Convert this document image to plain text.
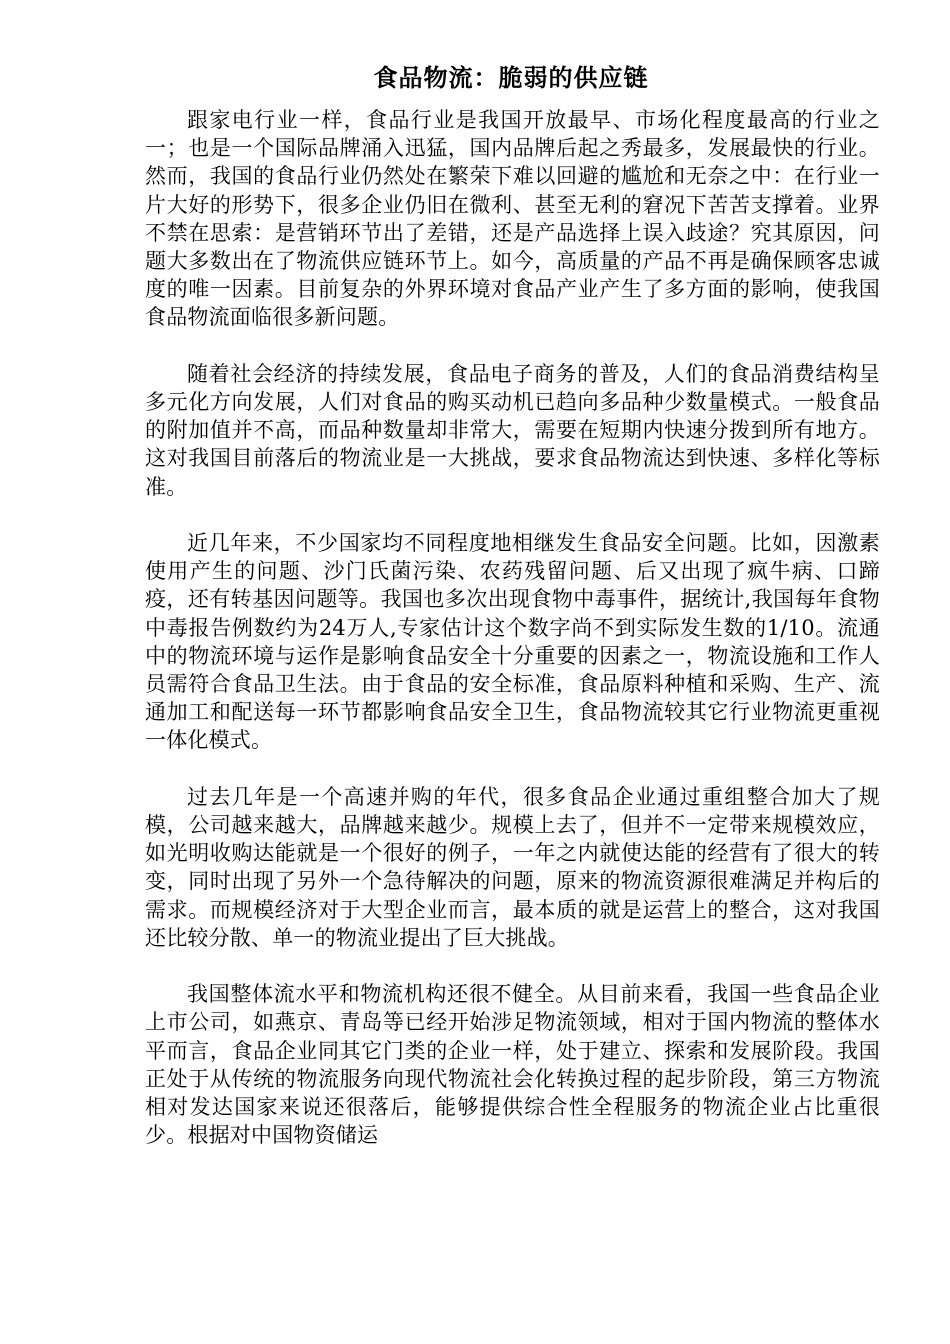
食品物流：脆弱的供应链

跟家电行业一样，食品行业是我国开放最早、市场化程度最高的行业之一；也是一个国际品牌涌入迅猛，国内品牌后起之秀最多，发展最快的行业。然而，我国的食品行业仍然处在繁荣下难以回避的尴尬和无奈之中：在行业一片大好的形势下，很多企业仍旧在微利、甚至无利的窘况下苦苦支撑着。业界不禁在思索：是营销环节出了差错，还是产品选择上误入歧途？究其原因，问题大多数出在了物流供应链环节上。如今，高质量的产品不再是确保顾客忠诚度的唯一因素。目前复杂的外界环境对食品产业产生了多方面的影响，使我国食品物流面临很多新问题。

随着社会经济的持续发展，食品电子商务的普及，人们的食品消费结构呈多元化方向发展，人们对食品的购买动机已趋向多品种少数量模式。一般食品的附加值并不高，而品种数量却非常大，需要在短期内快速分拨到所有地方。这对我国目前落后的物流业是一大挑战，要求食品物流达到快速、多样化等标准。

近几年来，不少国家均不同程度地相继发生食品安全问题。比如，因激素使用产生的问题、沙门氏菌污染、农药残留问题、后又出现了疯牛病、口蹄疫，还有转基因问题等。我国也多次出现食物中毒事件，据统计,我国每年食物中毒报告例数约为24万人,专家估计这个数字尚不到实际发生数的1/10。流通中的物流环境与运作是影响食品安全十分重要的因素之一，物流设施和工作人员需符合食品卫生法。由于食品的安全标准，食品原料种植和采购、生产、流通加工和配送每一环节都影响食品安全卫生，食品物流较其它行业物流更重视一体化模式。

过去几年是一个高速并购的年代，很多食品企业通过重组整合加大了规模，公司越来越大，品牌越来越少。规模上去了，但并不一定带来规模效应，如光明收购达能就是一个很好的例子，一年之内就使达能的经营有了很大的转变，同时出现了另外一个急待解决的问题，原来的物流资源很难满足并构后的需求。而规模经济对于大型企业而言，最本质的就是运营上的整合，这对我国还比较分散、单一的物流业提出了巨大挑战。

我国整体流水平和物流机构还很不健全。从目前来看，我国一些食品企业上市公司，如燕京、青岛等已经开始涉足物流领域，相对于国内物流的整体水平而言，食品企业同其它门类的企业一样，处于建立、探索和发展阶段。我国正处于从传统的物流服务向现代物流社会化转换过程的起步阶段，第三方物流相对发达国家来说还很落后，能够提供综合性全程服务的物流企业占比重很少。根据对中国物资储运
